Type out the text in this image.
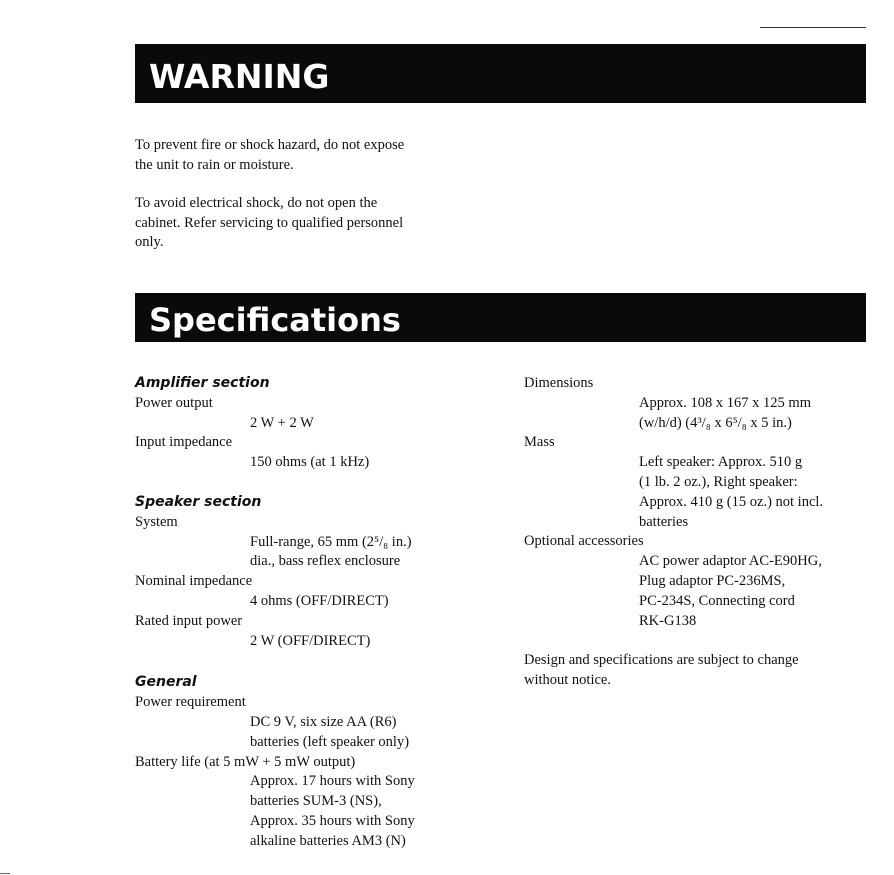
WARNING
To prevent fire or shock hazard, do not expose
the unit to rain or moisture.
To avoid electrical shock, do not open the
cabinet. Refer servicing to qualified personnel
only.
Specifications
Amplifier section
Power output
2 W + 2 W
Input impedance
150 ohms (at 1 kHz)
Speaker section
System
Full-range, 65 mm (2⁵/₈ in.)
dia., bass reflex enclosure
Nominal impedance
4 ohms (OFF/DIRECT)
Rated input power
2 W (OFF/DIRECT)
General
Power requirement
DC 9 V, six size AA (R6)
batteries (left speaker only)
Battery life (at 5 mW + 5 mW output)
Approx. 17 hours with Sony
batteries SUM-3 (NS),
Approx. 35 hours with Sony
alkaline batteries AM3 (N)
Dimensions
Approx. 108 x 167 x 125 mm
(w/h/d) (4³/₈ x 6⁵/₈ x 5 in.)
Mass
Left speaker: Approx. 510 g
(1 lb. 2 oz.), Right speaker:
Approx. 410 g (15 oz.) not incl.
batteries
Optional accessories
AC power adaptor AC-E90HG,
Plug adaptor PC-236MS,
PC-234S, Connecting cord
RK-G138
Design and specifications are subject to change
without notice.
